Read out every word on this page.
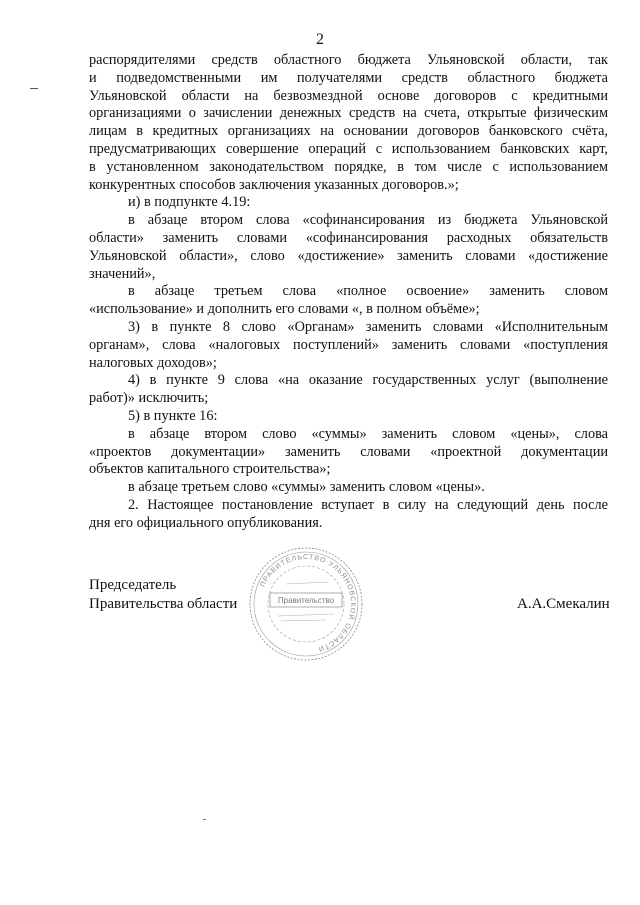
2
распорядителями средств областного бюджета Ульяновской области, так
и подведомственными им получателями средств областного бюджета
Ульяновской области на безвозмездной основе договоров с кредитными
организациями о зачислении денежных средств на счета, открытые физическим
лицам в кредитных организациях на основании договоров банковского счёта,
предусматривающих совершение операций с использованием банковских карт,
в установленном законодательством порядке, в том числе с использованием
конкурентных способов заключения указанных договоров.»;
и) в подпункте 4.19:
в абзаце втором слова «софинансирования из бюджета Ульяновской
области» заменить словами «софинансирования расходных обязательств
Ульяновской области», слово «достижение» заменить словами «достижение
значений»,
в абзаце третьем слова «полное освоение» заменить словом
«использование» и дополнить его словами «, в полном объёме»;
3) в пункте 8 слово «Органам» заменить словами «Исполнительным
органам», слова «налоговых поступлений» заменить словами «поступления
налоговых доходов»;
4) в пункте 9 слова «на оказание государственных услуг (выполнение
работ)» исключить;
5) в пункте 16:
в абзаце втором слово «суммы» заменить словом «цены», слова
«проектов документации» заменить словами «проектной документации
объектов капитального строительства»;
в абзаце третьем слово «суммы» заменить словом «цены».
2. Настоящее постановление вступает в силу на следующий день после
дня его официального опубликования.
Председатель
Правительства области
ПРАВИТЕЛЬСТВО УЛЬЯНОВСКОЙ ОБЛАСТИ
Правительство	А.А.Смекалин
